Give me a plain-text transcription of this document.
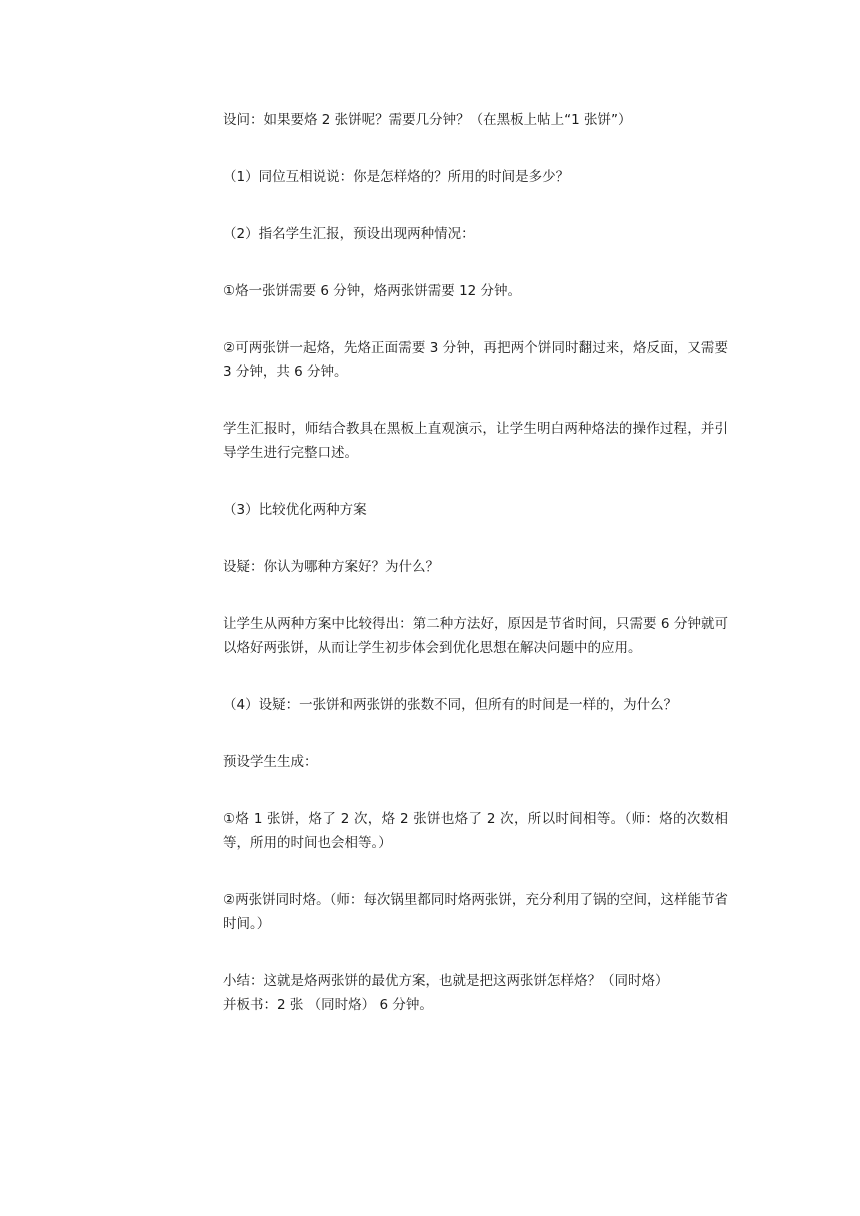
设问：如果要烙 2 张饼呢？需要几分钟？（在黑板上帖上“1 张饼”）

（1）同位互相说说：你是怎样烙的？所用的时间是多少？

（2）指名学生汇报，预设出现两种情况：

①烙一张饼需要 6 分钟，烙两张饼需要 12 分钟。

②可两张饼一起烙，先烙正面需要 3 分钟，再把两个饼同时翻过来，烙反面，又需要 3 分钟，共 6 分钟。

学生汇报时，师结合教具在黑板上直观演示，让学生明白两种烙法的操作过程，并引导学生进行完整口述。

（3）比较优化两种方案

设疑：你认为哪种方案好？为什么？

让学生从两种方案中比较得出：第二种方法好，原因是节省时间，只需要 6 分钟就可以烙好两张饼，从而让学生初步体会到优化思想在解决问题中的应用。

（4）设疑：一张饼和两张饼的张数不同，但所有的时间是一样的，为什么？

预设学生生成：

①烙 1 张饼，烙了 2 次，烙 2 张饼也烙了 2 次，所以时间相等。（师：烙的次数相等，所用的时间也会相等。）

②两张饼同时烙。（师：每次锅里都同时烙两张饼，充分利用了锅的空间，这样能节省时间。）

小结：这就是烙两张饼的最优方案，也就是把这两张饼怎样烙？（同时烙）
并板书：2 张 （同时烙） 6 分钟。
